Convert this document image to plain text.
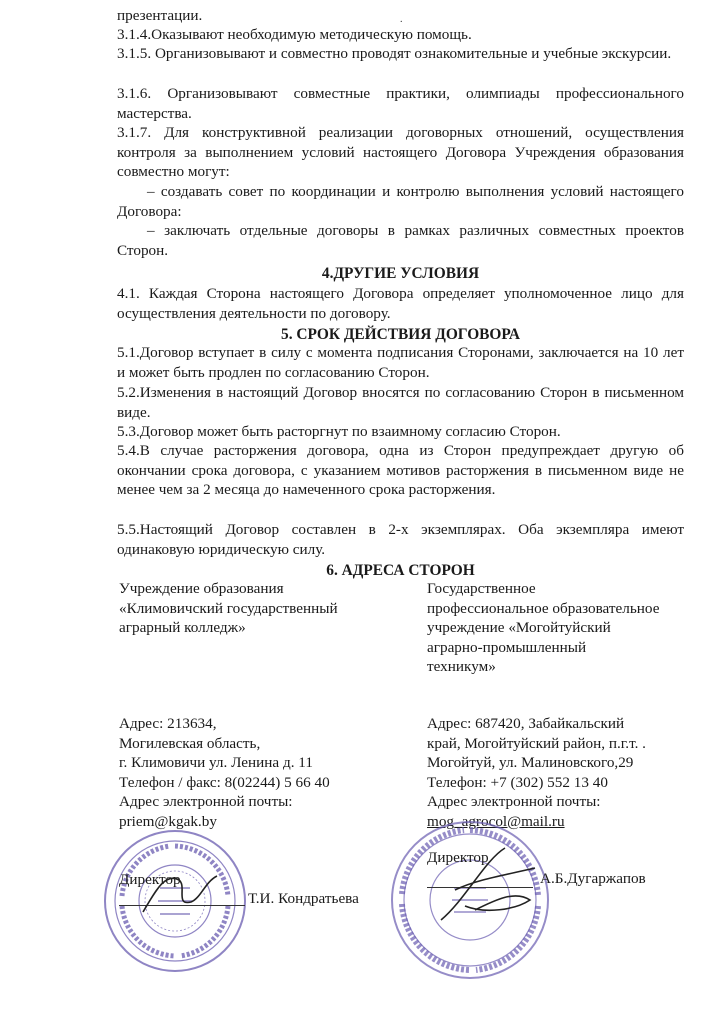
.
презентации.
3.1.4.Оказывают необходимую методическую помощь.
3.1.5. Организовывают и совместно проводят ознакомительные и учебные экскурсии.
3.1.6. Организовывают совместные практики, олимпиады профессионального мастерства.
3.1.7. Для конструктивной реализации договорных отношений, осуществления контроля за выполнением условий настоящего Договора Учреждения образования совместно могут:
– создавать совет по координации и контролю выполнения условий настоящего Договора:
– заключать отдельные договоры в рамках различных совместных проектов Сторон.
4.ДРУГИЕ УСЛОВИЯ
4.1. Каждая Сторона настоящего Договора определяет уполномоченное лицо для осуществления деятельности по договору.
5. СРОК ДЕЙСТВИЯ ДОГОВОРА
5.1.Договор вступает в силу с момента подписания Сторонами, заключается на 10 лет и может быть продлен по согласованию Сторон.
5.2.Изменения в настоящий Договор вносятся по согласованию Сторон в письменном виде.
5.3.Договор может быть расторгнут по взаимному согласию Сторон.
5.4.В случае расторжения договора, одна из Сторон предупреждает другую об окончании срока договора, с указанием мотивов расторжения в письменном виде не менее чем за 2 месяца до намеченного срока расторжения.
5.5.Настоящий Договор составлен в 2-х экземплярах. Оба экземпляра имеют одинаковую юридическую силу.
6. АДРЕСА СТОРОН
Учреждение образования
«Климовичский государственный
аграрный колледж»
Адрес: 213634,
Могилевская область,
г. Климовичи ул. Ленина д. 11
Телефон / факс: 8(02244) 5 66 40
Адрес электронной почты:
priem@kgak.by
Государственное
профессиональное образовательное
учреждение «Могойтуйский
аграрно-промышленный
техникум»
Адрес: 687420, Забайкальский
край, Могойтуйский район, п.г.т. .
Могойтуй, ул. Малиновского,29
Телефон: +7 (302) 552 13 40
Адрес электронной почты:
mog_agrocol@mail.ru
Директор
Т.И. Кондратьева
Директор
А.Б.Дугаржапов
